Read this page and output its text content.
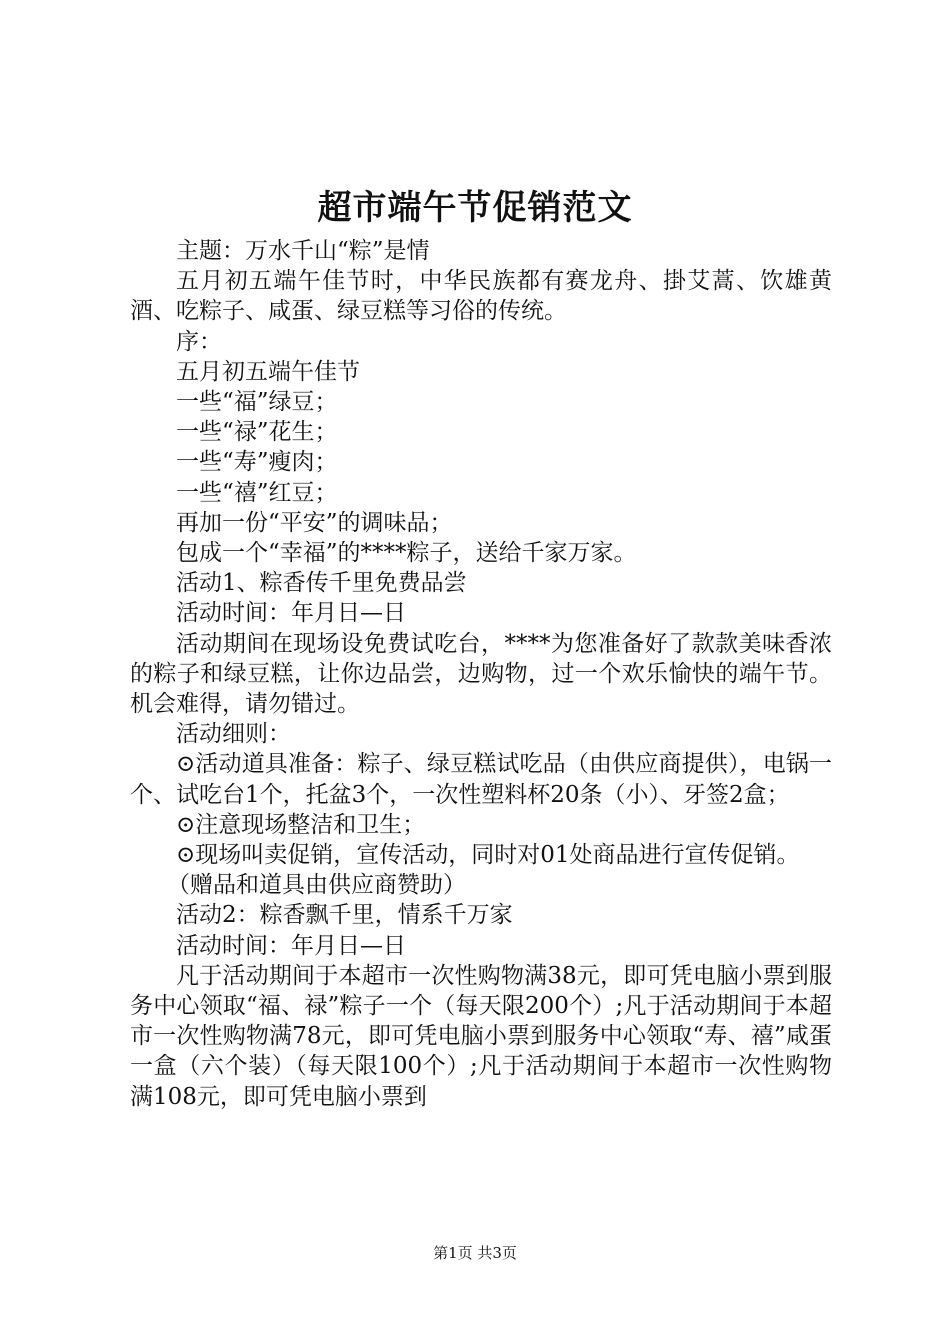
超市端午节促销范文

主题：万水千山“粽”是情

五月初五端午佳节时，中华民族都有赛龙舟、掛艾蒿、饮雄黄酒、吃粽子、咸蛋、绿豆糕等习俗的传统。

序：

五月初五端午佳节

一些“福”绿豆；

一些“禄”花生；

一些“寿”瘦肉；

一些“禧”红豆；

再加一份“平安”的调味品；

包成一个“幸福”的****粽子，送给千家万家。

活动1、粽香传千里免费品尝

活动时间：年月日—日

活动期间在现场设免费试吃台，****为您准备好了款款美味香浓的粽子和绿豆糕，让你边品尝，边购物，过一个欢乐愉快的端午节。机会难得，请勿错过。

活动细则：

⊙活动道具准备：粽子、绿豆糕试吃品（由供应商提供），电锅一个、试吃台1个，托盆3个，一次性塑料杯20条（小）、牙签2盒；

⊙注意现场整洁和卫生；

⊙现场叫卖促销，宣传活动，同时对01处商品进行宣传促销。

（赠品和道具由供应商赞助）

活动2：粽香飘千里，情系千万家

活动时间：年月日—日

凡于活动期间于本超市一次性购物满38元，即可凭电脑小票到服务中心领取“福、禄”粽子一个（每天限200个）;凡于活动期间于本超市一次性购物满78元，即可凭电脑小票到服务中心领取“寿、禧”咸蛋一盒（六个装）（每天限100个）;凡于活动期间于本超市一次性购物满108元，即可凭电脑小票到

第1页 共3页
